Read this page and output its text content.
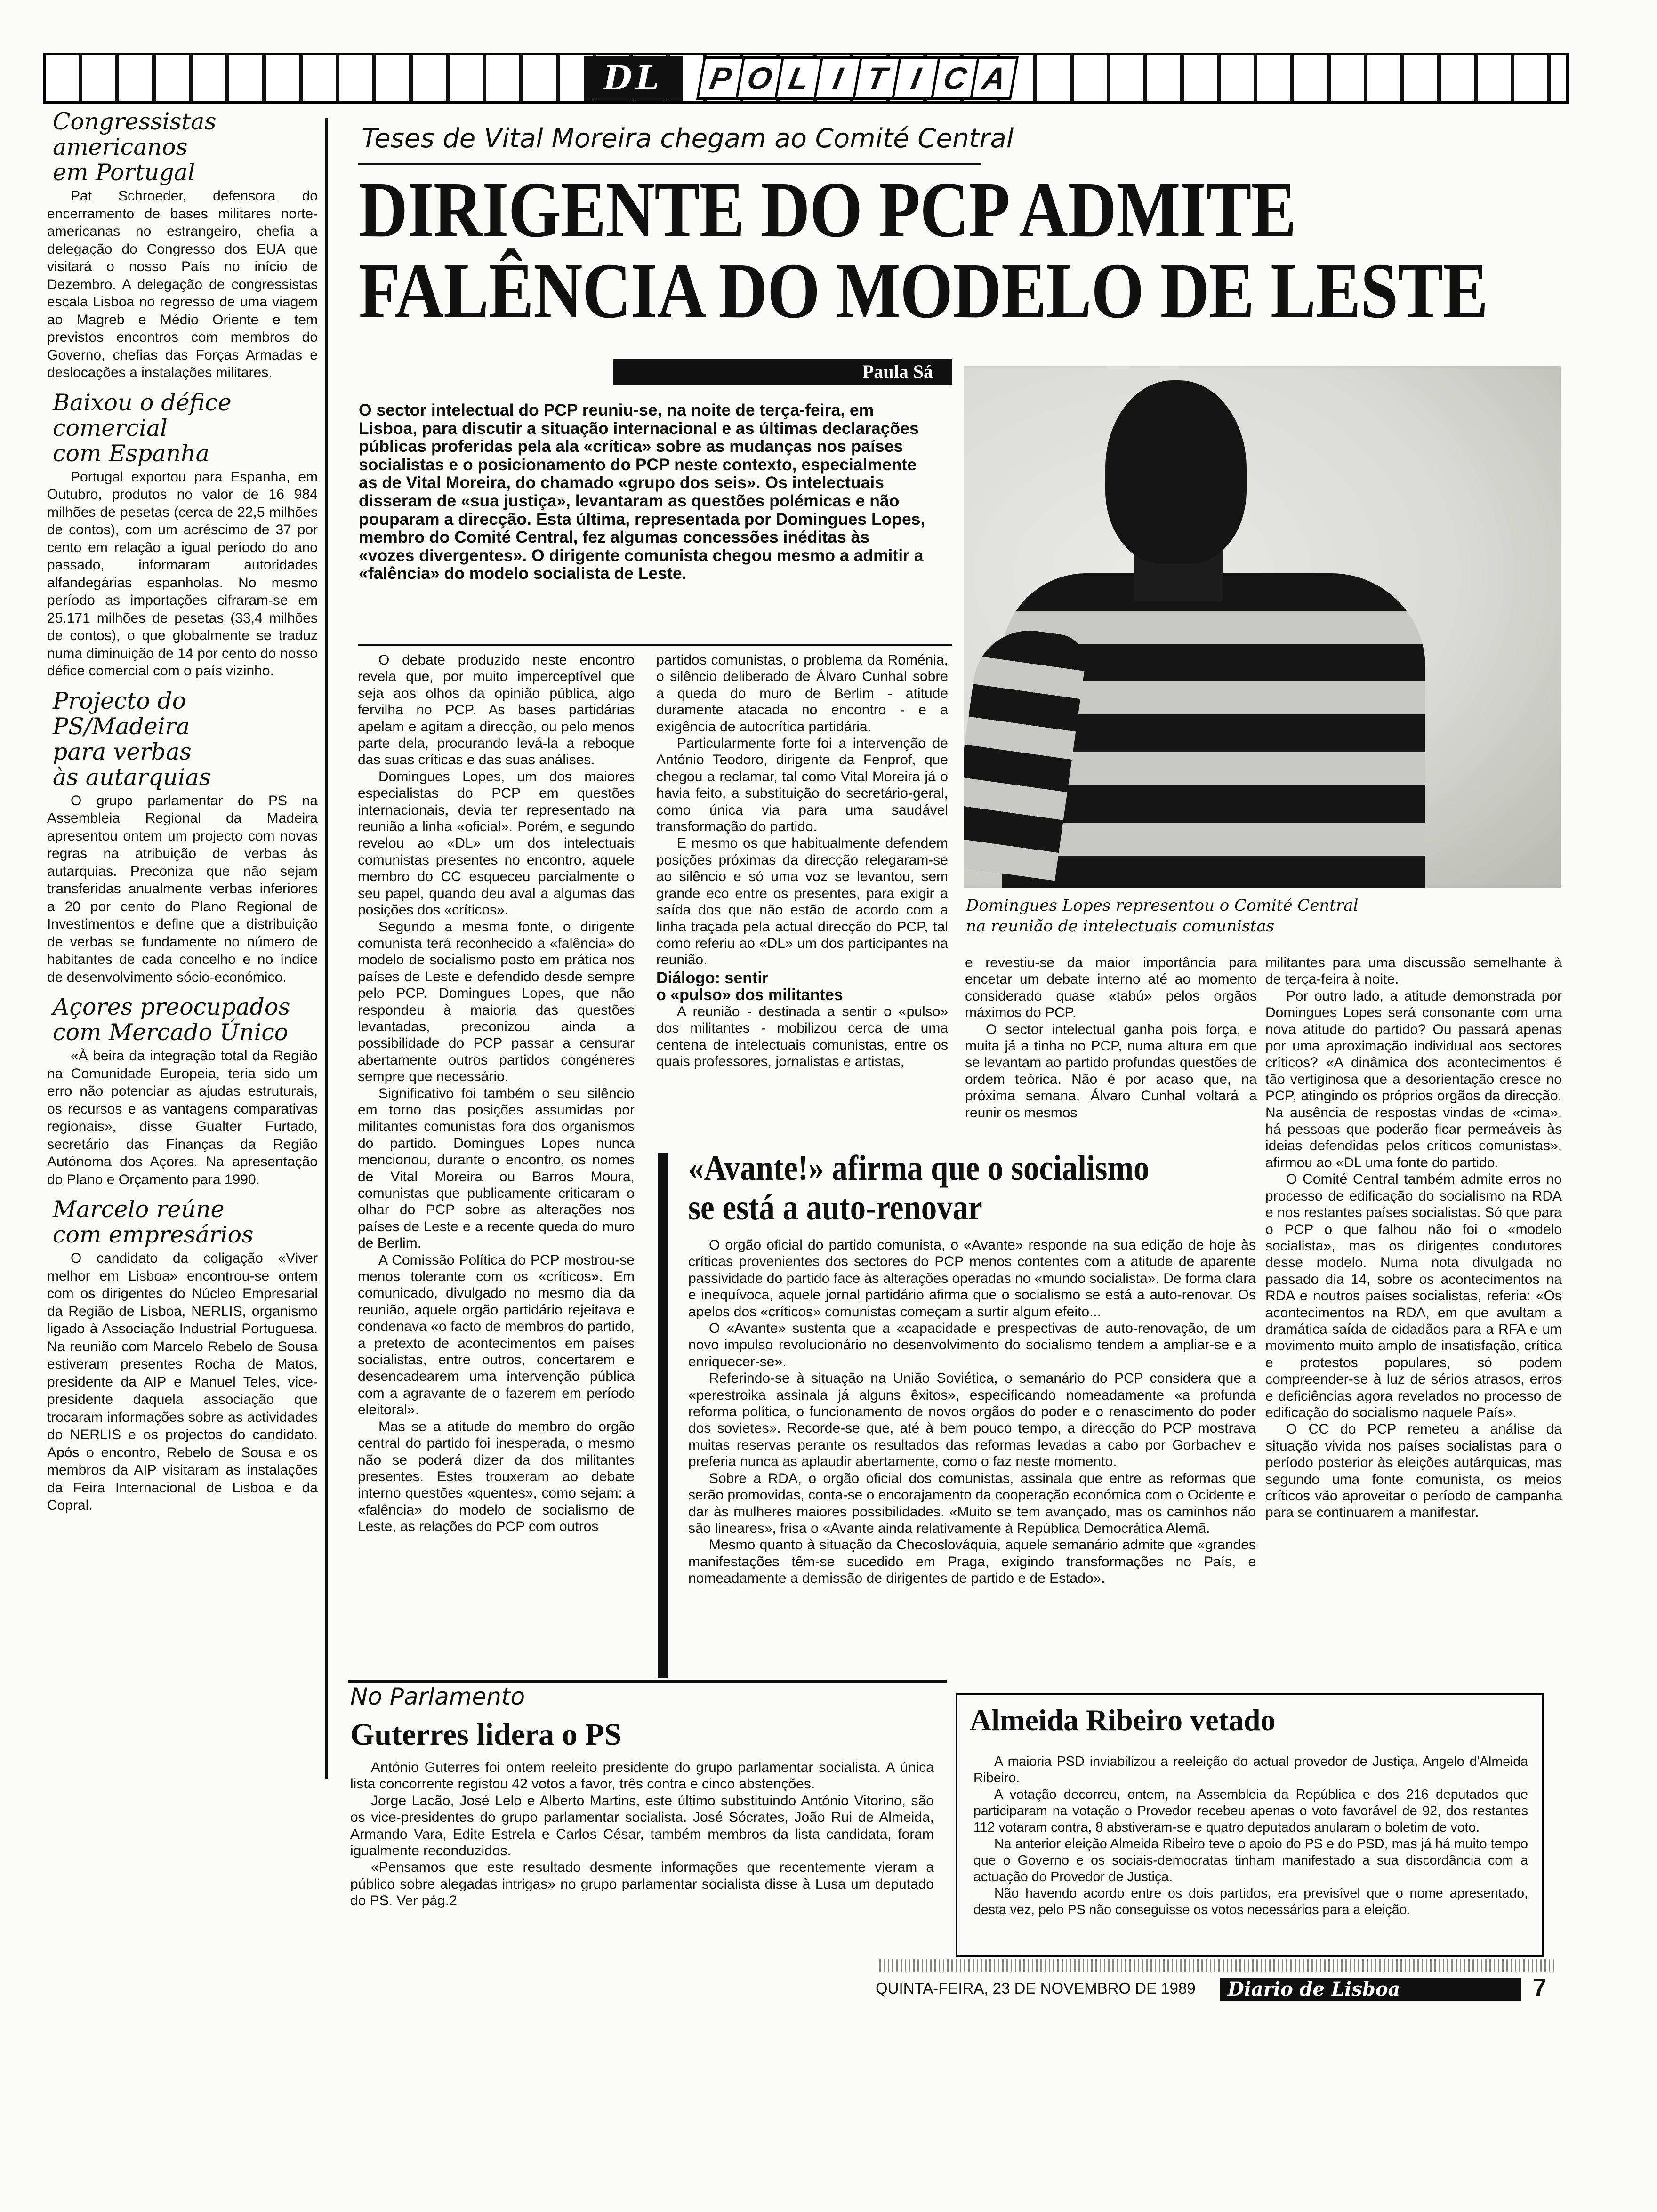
DL	P O L I T I C A
Congressistas
americanos
em Portugal

Pat Schroeder, defensora do encerramento de bases militares norte-americanas no estrangeiro, chefia a delegação do Congresso dos EUA que visitará o nosso País no início de Dezembro. A delegação de congressistas escala Lisboa no regresso de uma viagem ao Magreb e Médio Oriente e tem previstos encontros com membros do Governo, chefias das Forças Armadas e deslocações a instalações militares.

Baixou o défice
comercial
com Espanha

Portugal exportou para Espanha, em Outubro, produtos no valor de 16 984 milhões de pesetas (cerca de 22,5 milhões de contos), com um acréscimo de 37 por cento em relação a igual período do ano passado, informaram autoridades alfandegárias espanholas. No mesmo período as importações cifraram-se em 25.171 milhões de pesetas (33,4 milhões de contos), o que globalmente se traduz numa diminuição de 14 por cento do nosso défice comercial com o país vizinho.

Projecto do PS/Madeira
para verbas
às autarquias

O grupo parlamentar do PS na Assembleia Regional da Madeira apresentou ontem um projecto com novas regras na atribuição de verbas às autarquias. Preconiza que não sejam transferidas anualmente verbas inferiores a 20 por cento do Plano Regional de Investimentos e define que a distribuição de verbas se fundamente no número de habitantes de cada concelho e no índice de desenvolvimento sócio-económico.

Açores preocupados
com Mercado Único

«À beira da integração total da Região na Comunidade Europeia, teria sido um erro não potenciar as ajudas estruturais, os recursos e as vantagens comparativas regionais», disse Gualter Furtado, secretário das Finanças da Região Autónoma dos Açores. Na apresentação do Plano e Orçamento para 1990.

Marcelo reúne
com empresários

O candidato da coligação «Viver melhor em Lisboa» encontrou-se ontem com os dirigentes do Núcleo Empresarial da Região de Lisboa, NERLIS, organismo ligado à Associação Industrial Portuguesa. Na reunião com Marcelo Rebelo de Sousa estiveram presentes Rocha de Matos, presidente da AIP e Manuel Teles, vice-presidente daquela associação que trocaram informações sobre as actividades do NERLIS e os projectos do candidato. Após o encontro, Rebelo de Sousa e os membros da AIP visitaram as instalações da Feira Internacional de Lisboa e da Copral.

Teses de Vital Moreira chegam ao Comité Central
DIRIGENTE DO PCP ADMITE
FALÊNCIA DO MODELO DE LESTE
Paula Sá
O sector intelectual do PCP reuniu-se, na noite de terça-feira, em Lisboa, para discutir a situação internacional e as últimas declarações públicas proferidas pela ala «crítica» sobre as mudanças nos países socialistas e o posicionamento do PCP neste contexto, especialmente as de Vital Moreira, do chamado «grupo dos seis». Os intelectuais disseram de «sua justiça», levantaram as questões polémicas e não pouparam a direcção. Esta última, representada por Domingues Lopes, membro do Comité Central, fez algumas concessões inéditas às «vozes divergentes». O dirigente comunista chegou mesmo a admitir a «falência» do modelo socialista de Leste.
Domingues Lopes representou o Comité Central
na reunião de intelectuais comunistas

O debate produzido neste encontro revela que, por muito imperceptível que seja aos olhos da opinião pública, algo fervilha no PCP. As bases partidárias apelam e agitam a direcção, ou pelo menos parte dela, procurando levá-la a reboque das suas críticas e das suas análises.

Domingues Lopes, um dos maiores especialistas do PCP em questões internacionais, devia ter representado na reunião a linha «oficial». Porém, e segundo revelou ao «DL» um dos intelectuais comunistas presentes no encontro, aquele membro do CC esqueceu parcialmente o seu papel, quando deu aval a algumas das posições dos «críticos».

Segundo a mesma fonte, o dirigente comunista terá reconhecido a «falência» do modelo de socialismo posto em prática nos países de Leste e defendido desde sempre pelo PCP. Domingues Lopes, que não respondeu à maioria das questões levantadas, preconizou ainda a possibilidade do PCP passar a censurar abertamente outros partidos congéneres sempre que necessário.

Significativo foi também o seu silêncio em torno das posições assumidas por militantes comunistas fora dos organismos do partido. Domingues Lopes nunca mencionou, durante o encontro, os nomes de Vital Moreira ou Barros Moura, comunistas que publicamente criticaram o olhar do PCP sobre as alterações nos países de Leste e a recente queda do muro de Berlim.

A Comissão Política do PCP mostrou-se menos tolerante com os «críticos». Em comunicado, divulgado no mesmo dia da reunião, aquele orgão partidário rejeitava e condenava «o facto de membros do partido, a pretexto de acontecimentos em países socialistas, entre outros, concertarem e desencadearem uma intervenção pública com a agravante de o fazerem em período eleitoral».

Mas se a atitude do membro do orgão central do partido foi inesperada, o mesmo não se poderá dizer da dos militantes presentes. Estes trouxeram ao debate interno questões «quentes», como sejam: a «falência» do modelo de socialismo de Leste, as relações do PCP com outros

partidos comunistas, o problema da Roménia, o silêncio deliberado de Álvaro Cunhal sobre a queda do muro de Berlim - atitude duramente atacada no encontro - e a exigência de autocrítica partidária.

Particularmente forte foi a intervenção de António Teodoro, dirigente da Fenprof, que chegou a reclamar, tal como Vital Moreira já o havia feito, a substituição do secretário-geral, como única via para uma saudável transformação do partido.

E mesmo os que habitualmente defendem posições próximas da direcção relegaram-se ao silêncio e só uma voz se levantou, sem grande eco entre os presentes, para exigir a saída dos que não estão de acordo com a linha traçada pela actual direcção do PCP, tal como referiu ao «DL» um dos participantes na reunião.

Diálogo: sentir
o «pulso» dos militantes

A reunião - destinada a sentir o «pulso» dos militantes - mobilizou cerca de uma centena de intelectuais comunistas, entre os quais professores, jornalistas e artistas,

e revestiu-se da maior importância para encetar um debate interno até ao momento considerado quase «tabú» pelos orgãos máximos do PCP.

O sector intelectual ganha pois força, e muita já a tinha no PCP, numa altura em que se levantam ao partido profundas questões de ordem teórica. Não é por acaso que, na próxima semana, Álvaro Cunhal voltará a reunir os mesmos

militantes para uma discussão semelhante à de terça-feira à noite.

Por outro lado, a atitude demonstrada por Domingues Lopes será consonante com uma nova atitude do partido? Ou passará apenas por uma aproximação individual aos sectores críticos? «A dinâmica dos acontecimentos é tão vertiginosa que a desorientação cresce no PCP, atingindo os próprios orgãos da direcção. Na ausência de respostas vindas de «cima», há pessoas que poderão ficar permeáveis às ideias defendidas pelos críticos comunistas», afirmou ao «DL uma fonte do partido.

O Comité Central também admite erros no processo de edificação do socialismo na RDA e nos restantes países socialistas. Só que para o PCP o que falhou não foi o «modelo socialista», mas os dirigentes condutores desse modelo. Numa nota divulgada no passado dia 14, sobre os acontecimentos na RDA e noutros países socialistas, referia: «Os acontecimentos na RDA, em que avultam a dramática saída de cidadãos para a RFA e um movimento muito amplo de insatisfação, crítica e protestos populares, só podem compreender-se à luz de sérios atrasos, erros e deficiências agora revelados no processo de edificação do socialismo naquele País».

O CC do PCP remeteu a análise da situação vivida nos países socialistas para o período posterior às eleições autárquicas, mas segundo uma fonte comunista, os meios críticos vão aproveitar o período de campanha para se continuarem a manifestar.

«Avante!» afirma que o socialismo
se está a auto-renovar

O orgão oficial do partido comunista, o «Avante» responde na sua edição de hoje às críticas provenientes dos sectores do PCP menos contentes com a atitude de aparente passividade do partido face às alterações operadas no «mundo socialista». De forma clara e inequívoca, aquele jornal partidário afirma que o socialismo se está a auto-renovar. Os apelos dos «críticos» comunistas começam a surtir algum efeito...

O «Avante» sustenta que a «capacidade e prespectivas de auto-renovação, de um novo impulso revolucionário no desenvolvimento do socialismo tendem a ampliar-se e a enriquecer-se».

Referindo-se à situação na União Soviética, o semanário do PCP considera que a «perestroika assinala já alguns êxitos», especificando nomeadamente «a profunda reforma política, o funcionamento de novos orgãos do poder e o renascimento do poder dos sovietes». Recorde-se que, até à bem pouco tempo, a direcção do PCP mostrava muitas reservas perante os resultados das reformas levadas a cabo por Gorbachev e preferia nunca as aplaudir abertamente, como o faz neste momento.

Sobre a RDA, o orgão oficial dos comunistas, assinala que entre as reformas que serão promovidas, conta-se o encorajamento da cooperação económica com o Ocidente e dar às mulheres maiores possibilidades. «Muito se tem avançado, mas os caminhos não são lineares», frisa o «Avante ainda relativamente à República Democrática Alemã.

Mesmo quanto à situação da Checoslováquia, aquele semanário admite que «grandes manifestações têm-se sucedido em Praga, exigindo transformações no País, e nomeadamente a demissão de dirigentes de partido e de Estado».

No Parlamento
Guterres lidera o PS

António Guterres foi ontem reeleito presidente do grupo parlamentar socialista. A única lista concorrente registou 42 votos a favor, três contra e cinco abstenções.

Jorge Lacão, José Lelo e Alberto Martins, este último substituindo António Vitorino, são os vice-presidentes do grupo parlamentar socialista. José Sócrates, João Rui de Almeida, Armando Vara, Edite Estrela e Carlos César, também membros da lista candidata, foram igualmente reconduzidos.

«Pensamos que este resultado desmente informações que recentemente vieram a público sobre alegadas intrigas» no grupo parlamentar socialista disse à Lusa um deputado do PS. Ver pág.2

Almeida Ribeiro vetado

A maioria PSD inviabilizou a reeleição do actual provedor de Justiça, Angelo d'Almeida Ribeiro.

A votação decorreu, ontem, na Assembleia da República e dos 216 deputados que participaram na votação o Provedor recebeu apenas o voto favorável de 92, dos restantes 112 votaram contra, 8 abstiveram-se e quatro deputados anularam o boletim de voto.

Na anterior eleição Almeida Ribeiro teve o apoio do PS e do PSD, mas já há muito tempo que o Governo e os sociais-democratas tinham manifestado a sua discordância com a actuação do Provedor de Justiça.

Não havendo acordo entre os dois partidos, era previsível que o nome apresentado, desta vez, pelo PS não conseguisse os votos necessários para a eleição.

QUINTA-FEIRA, 23 DE NOVEMBRO DE 1989	Diario de Lisboa	7
